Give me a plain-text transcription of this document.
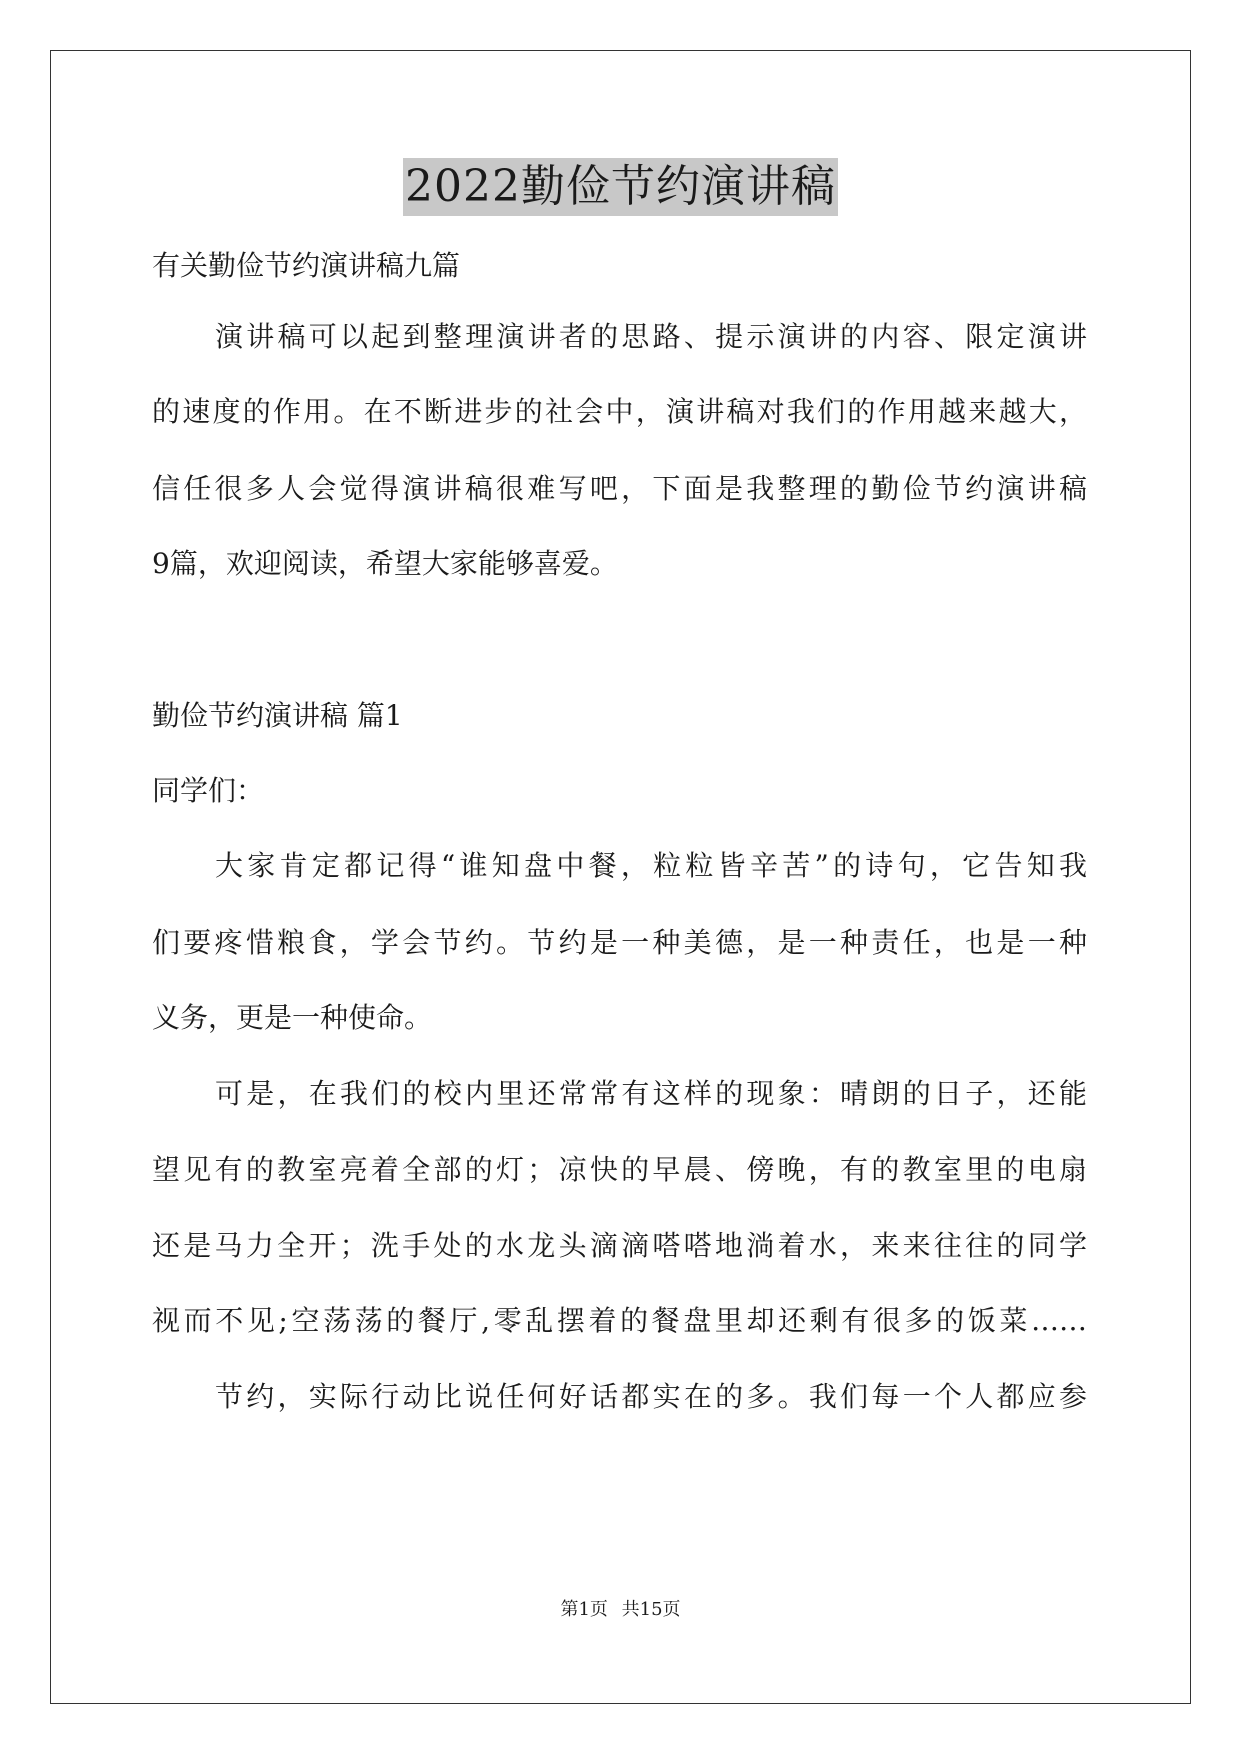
2022勤俭节约演讲稿
有关勤俭节约演讲稿九篇
演讲稿可以起到整理演讲者的思路、提示演讲的内容、限定演讲
的速度的作用。在不断进步的社会中，演讲稿对我们的作用越来越大，
信任很多人会觉得演讲稿很难写吧，下面是我整理的勤俭节约演讲稿
9篇，欢迎阅读，希望大家能够喜爱。
勤俭节约演讲稿 篇1
同学们：
大家肯定都记得“谁知盘中餐，粒粒皆辛苦”的诗句，它告知我
们要疼惜粮食，学会节约。节约是一种美德，是一种责任，也是一种
义务，更是一种使命。
可是，在我们的校内里还常常有这样的现象：晴朗的日子，还能
望见有的教室亮着全部的灯；凉快的早晨、傍晚，有的教室里的电扇
还是马力全开；洗手处的水龙头滴滴嗒嗒地淌着水，来来往往的同学
视而不见;空荡荡的餐厅,零乱摆着的餐盘里却还剩有很多的饭菜……
节约，实际行动比说任何好话都实在的多。我们每一个人都应参
第1页 共15页
